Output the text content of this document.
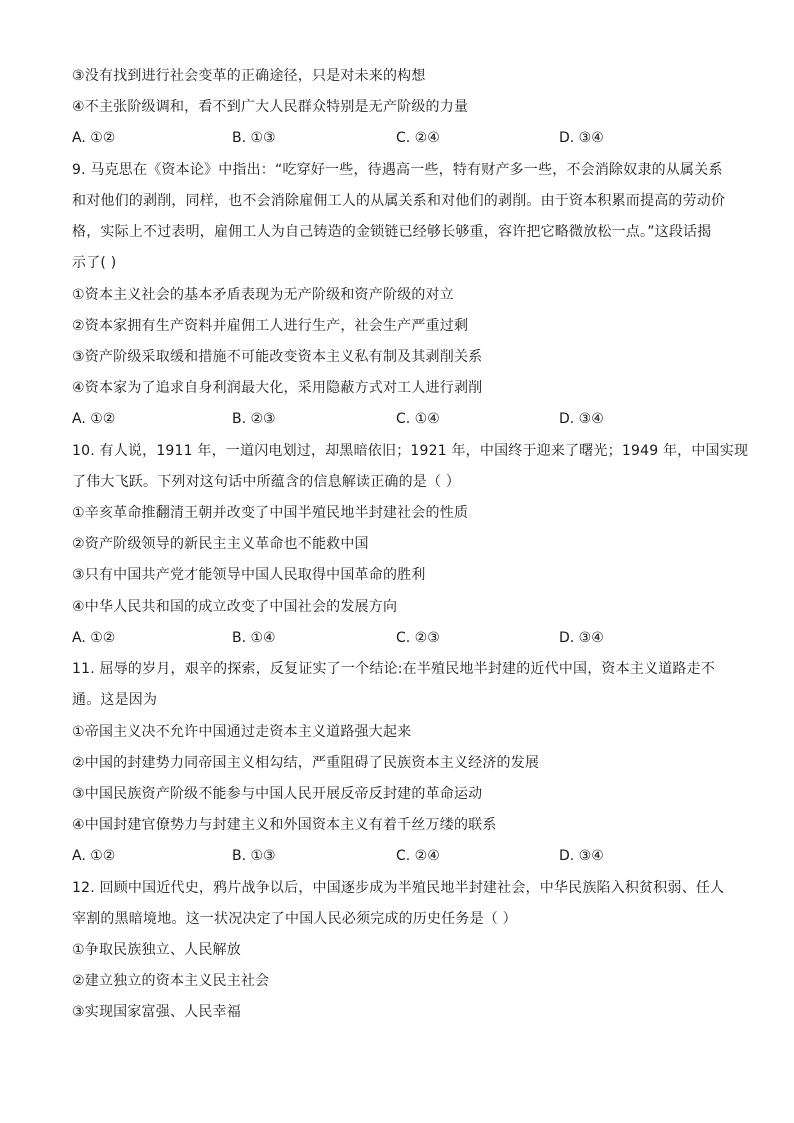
③没有找到进行社会变革的正确途径，只是对未来的构想
④不主张阶级调和，看不到广大人民群众特别是无产阶级的力量
A. ①②	B. ①③	C. ②④	D. ③④
9. 马克思在《资本论》中指出：“吃穿好一些，待遇高一些，特有财产多一些，不会消除奴隶的从属关系
和对他们的剥削，同样，也不会消除雇佣工人的从属关系和对他们的剥削。由于资本积累而提高的劳动价
格，实际上不过表明，雇佣工人为自己铸造的金锁链已经够长够重，容许把它略微放松一点。”这段话揭
示了( )
①资本主义社会的基本矛盾表现为无产阶级和资产阶级的对立
②资本家拥有生产资料并雇佣工人进行生产，社会生产严重过剩
③资产阶级采取缓和措施不可能改变资本主义私有制及其剥削关系
④资本家为了追求自身利润最大化，采用隐蔽方式对工人进行剥削
A. ①②	B. ②③	C. ①④	D. ③④
10. 有人说，1911 年，一道闪电划过，却黑暗依旧；1921 年，中国终于迎来了曙光；1949 年，中国实现
了伟大飞跃。下列对这句话中所蕴含的信息解读正确的是（ ）
①辛亥革命推翻清王朝并改变了中国半殖民地半封建社会的性质
②资产阶级领导的新民主主义革命也不能救中国
③只有中国共产党才能领导中国人民取得中国革命的胜利
④中华人民共和国的成立改变了中国社会的发展方向
A. ①②	B. ①④	C. ②③	D. ③④
11. 屈辱的岁月，艰辛的探索，反复证实了一个结论:在半殖民地半封建的近代中国，资本主义道路走不
通。这是因为
①帝国主义决不允许中国通过走资本主义道路强大起来
②中国的封建势力同帝国主义相勾结，严重阻碍了民族资本主义经济的发展
③中国民族资产阶级不能参与中国人民开展反帝反封建的革命运动
④中国封建官僚势力与封建主义和外国资本主义有着千丝万缕的联系
A. ①②	B. ①③	C. ②④	D. ③④
12. 回顾中国近代史，鸦片战争以后，中国逐步成为半殖民地半封建社会，中华民族陷入积贫积弱、任人
宰割的黑暗境地。这一状况决定了中国人民必须完成的历史任务是（ ）
①争取民族独立、人民解放
②建立独立的资本主义民主社会
③实现国家富强、人民幸福
